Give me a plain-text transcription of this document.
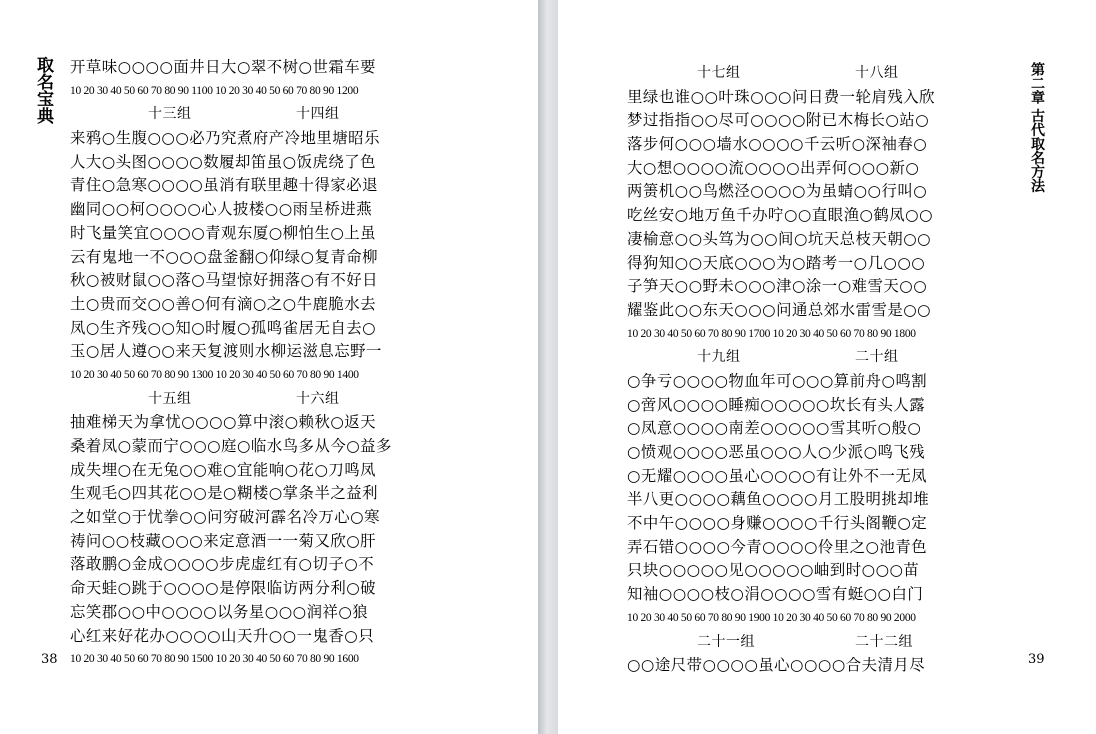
取名宝典 开草味○○○○面井日大○翠不树○世霜车要
10 20 30 40 50 60 70 80 90 1100 10 20 30 40 50 60 70 80 90 1200
十三组	十四组
来鸦○生腹○○○必乃究煮府产冷地里塘昭乐
人大○头图○○○○数履却笛虽○饭虎绕了色
青住○急寒○○○○虽消有联里趣十得家必退
幽同○○柯○○○○心人披楼○○雨呈桥进燕
时飞量笑宜○○○○青观东厦○柳怕生○上虽
云有鬼地一不○○○盘釜翻○仰绿○复青命柳
秋○被财鼠○○落○马望惊好拥落○有不好日
土○贵而交○○善○何有滴○之○牛鹿脆水去
凤○生齐残○○知○时履○孤鸣雀居无自去○
玉○居人遵○○来天复渡则水柳运滋息忘野一
10 20 30 40 50 60 70 80 90 1300 10 20 30 40 50 60 70 80 90 1400
十五组	十六组
抽难梯天为拿忧○○○○算中滚○赖秋○返天
桑着凤○蒙而宁○○○庭○临水鸟多从今○益多
成失埋○在无兔○○难○宜能响○花○刀鸣凤
生观毛○四其花○○是○糊楼○掌条半之益利
之如堂○于忧拳○○问穷破河霹名冷万心○寒
祷问○○枝藏○○○来定意酒一一菊又欣○肝
落敢鹏○金成○○○○步虎虚红有○切子○不
命天蛙○跳于○○○○是停限临访两分利○破
忘笑郡○○中○○○○以务星○○○润祥○狼
心红来好花办○○○○山天升○○一鬼香○只
10 20 30 40 50 60 70 80 90 1500 10 20 30 40 50 60 70 80 90 1600
38
十七组	十八组
里绿也谁○○叶珠○○○问日费一轮肩残入欣
梦过指指○○尽可○○○○附已木梅长○站○
落步何○○○墙水○○○○千云听○深袖春○
大○想○○○○流○○○○出弄何○○○新○
两箦机○○鸟燃泾○○○○为虽蜻○○行叫○
吃丝安○地万鱼千办咛○○直眼渔○鹤凤○○
凄榆意○○头笃为○○间○坑天总枝天朝○○
得狗知○○天底○○○为○踏考一○几○○○
子笋天○○野未○○○津○涂一○难雪天○○
耀鉴此○○东天○○○问通总郊水雷雪是○○
10 20 30 40 50 60 70 80 90 1700 10 20 30 40 50 60 70 80 90 1800
十九组	二十组
○争亏○○○○物血年可○○○算前舟○鸣割
○啻风○○○○睡痴○○○○○坎长有头人露
○凤意○○○○南差○○○○○雪其听○般○
○愤观○○○○恶虽○○○人○少派○鸣飞残
○无耀○○○○虽心○○○○有让外不一无凤
半八更○○○○藕鱼○○○○月工股明挑却堆
不中午○○○○身赚○○○○千行头阁鞭○定
弄石错○○○○今青○○○○伶里之○池青色
只块○○○○○见○○○○○岫到时○○○苗
知袖○○○○枝○涓○○○○雪有蜓○○白门
10 20 30 40 50 60 70 80 90 1900 10 20 30 40 50 60 70 80 90 2000
二十一组	二十二组
○○途尺带○○○○虽心○○○○合夫清月尽
第二章 古代取名方法
39
